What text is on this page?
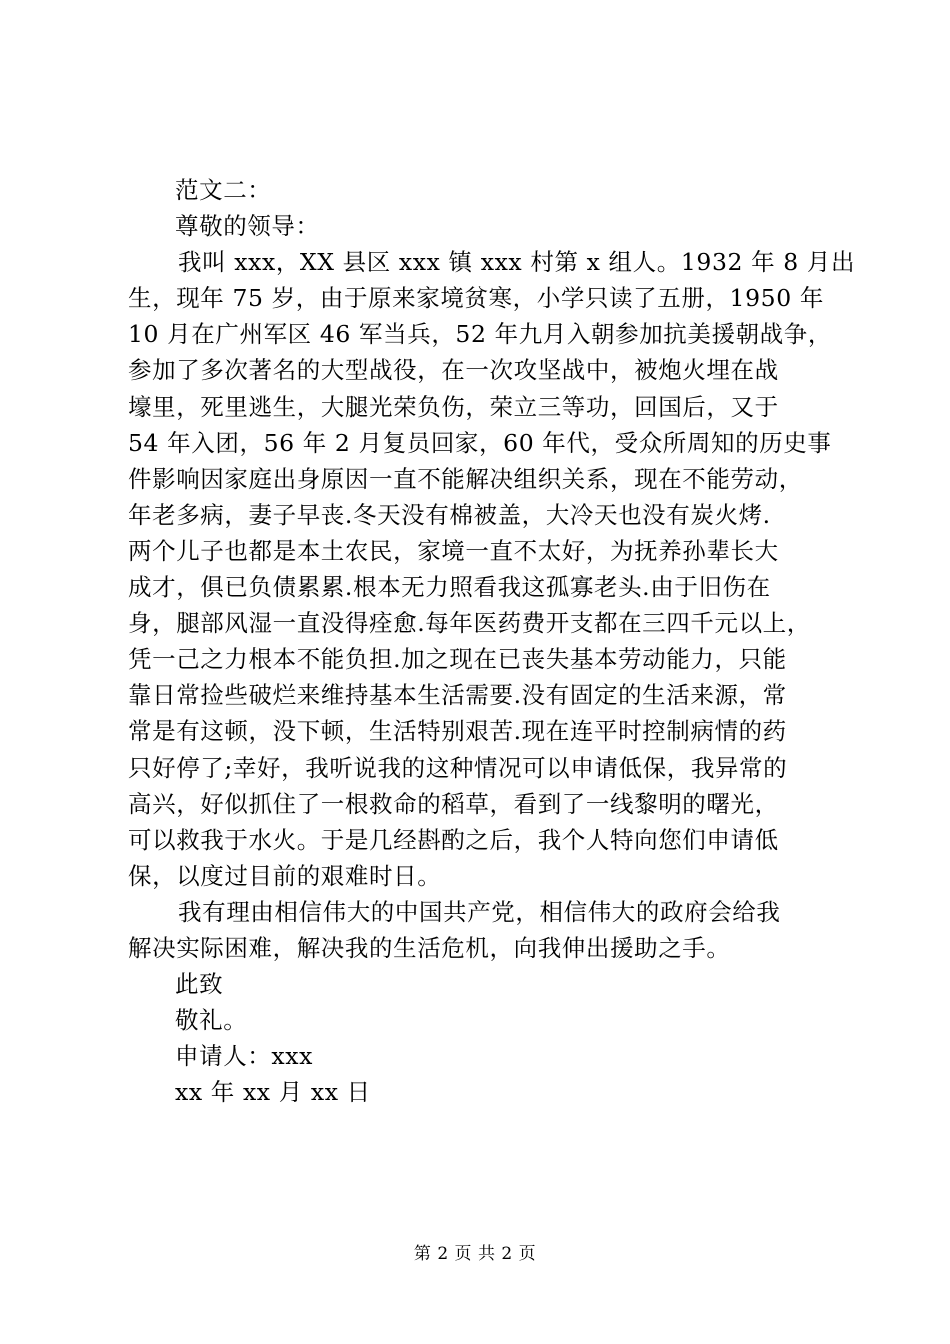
范文二：
尊敬的领导：
我叫 xxx，XX 县区 xxx 镇 xxx 村第 x 组人。1932 年 8 月出
生，现年 75 岁，由于原来家境贫寒，小学只读了五册，1950 年
10 月在广州军区 46 军当兵，52 年九月入朝参加抗美援朝战争，
参加了多次著名的大型战役，在一次攻坚战中，被炮火埋在战
壕里，死里逃生，大腿光荣负伤，荣立三等功，回国后，又于
54 年入团，56 年 2 月复员回家，60 年代，受众所周知的历史事
件影响因家庭出身原因一直不能解决组织关系，现在不能劳动，
年老多病，妻子早丧.冬天没有棉被盖，大冷天也没有炭火烤.
两个儿子也都是本土农民，家境一直不太好，为抚养孙辈长大
成才，俱已负债累累.根本无力照看我这孤寡老头.由于旧伤在
身，腿部风湿一直没得痊愈.每年医药费开支都在三四千元以上，
凭一己之力根本不能负担.加之现在已丧失基本劳动能力，只能
靠日常捡些破烂来维持基本生活需要.没有固定的生活来源，常
常是有这顿，没下顿，生活特别艰苦.现在连平时控制病情的药
只好停了;幸好，我听说我的这种情况可以申请低保，我异常的
高兴，好似抓住了一根救命的稻草，看到了一线黎明的曙光，
可以救我于水火。于是几经斟酌之后，我个人特向您们申请低
保，以度过目前的艰难时日。
我有理由相信伟大的中国共产党，相信伟大的政府会给我
解决实际困难，解决我的生活危机，向我伸出援助之手。
此致
敬礼。
申请人：xxx
xx 年 xx 月 xx 日
第 2 页 共 2 页
